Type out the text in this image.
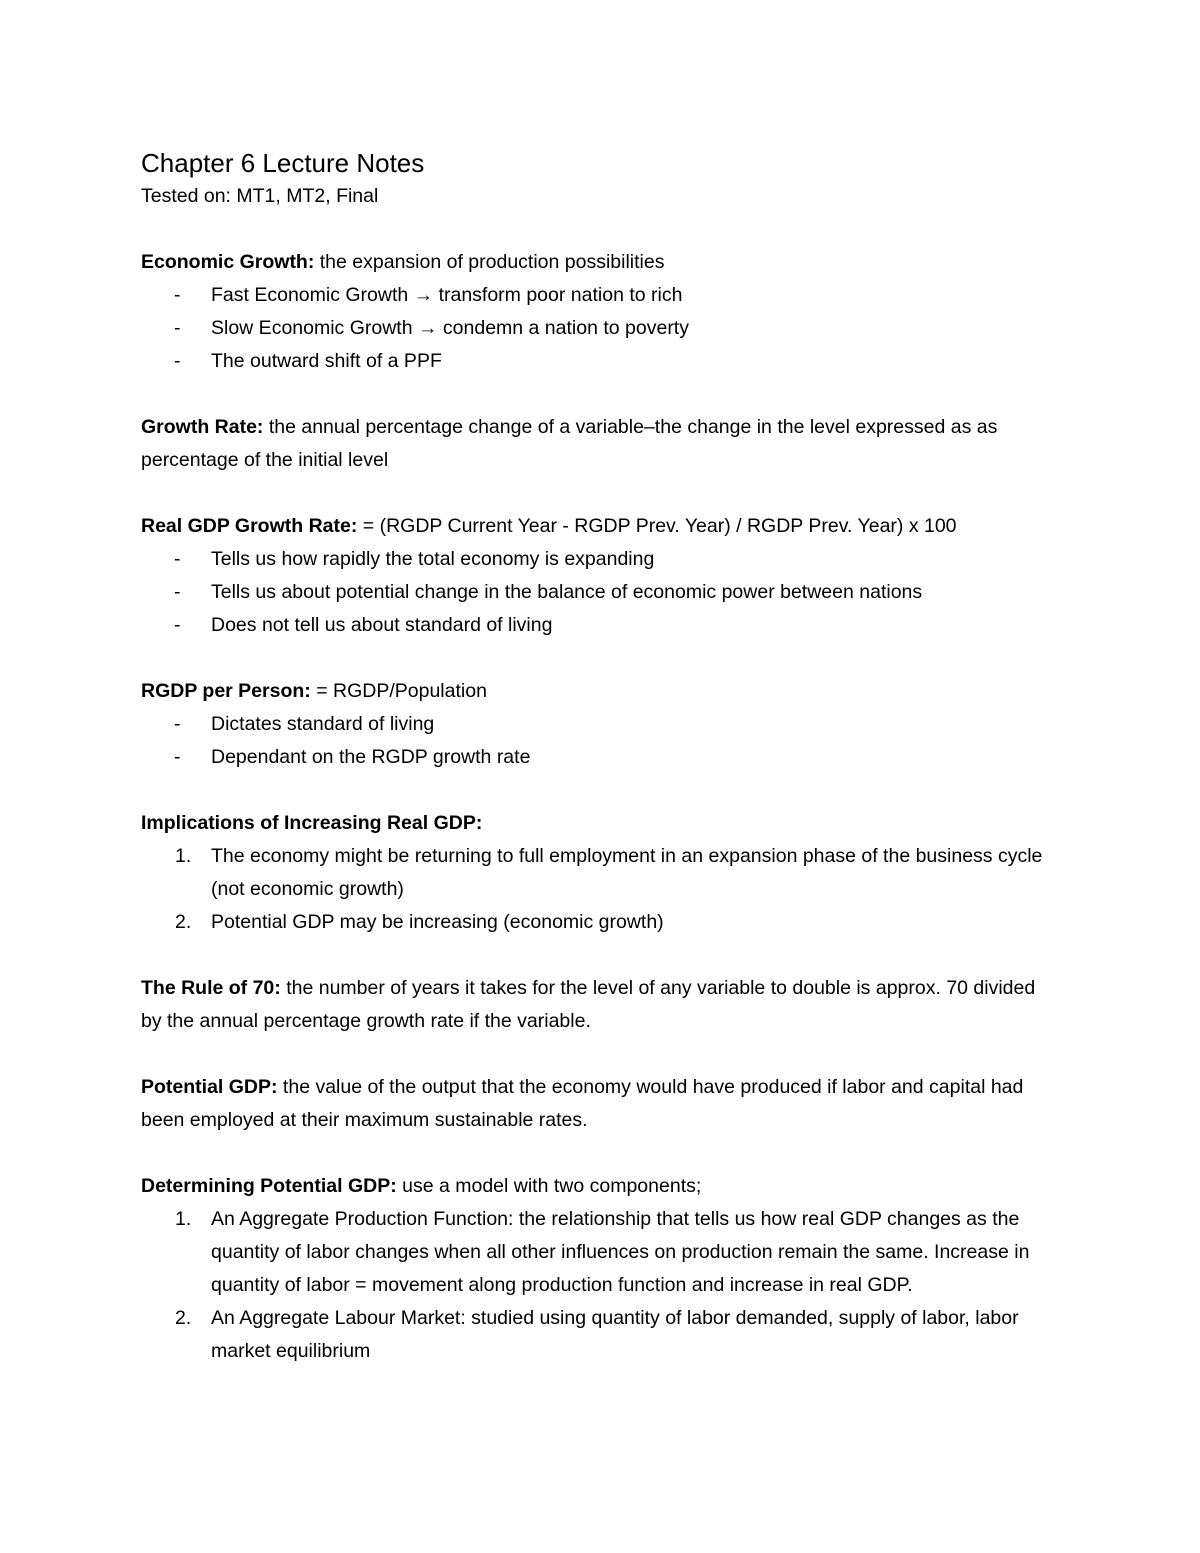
Chapter 6 Lecture Notes

Tested on: MT1, MT2, Final

Economic Growth: the expansion of production possibilities

- Fast Economic Growth → transform poor nation to rich
- Slow Economic Growth → condemn a nation to poverty
- The outward shift of a PPF

Growth Rate: the annual percentage change of a variable–the change in the level expressed as as percentage of the initial level

Real GDP Growth Rate: = (RGDP Current Year - RGDP Prev. Year) / RGDP Prev. Year) x 100

- Tells us how rapidly the total economy is expanding
- Tells us about potential change in the balance of economic power between nations
- Does not tell us about standard of living

RGDP per Person: = RGDP/Population

- Dictates standard of living
- Dependant on the RGDP growth rate

Implications of Increasing Real GDP:

1. The economy might be returning to full employment in an expansion phase of the business cycle (not economic growth)
2. Potential GDP may be increasing (economic growth)

The Rule of 70: the number of years it takes for the level of any variable to double is approx. 70 divided by the annual percentage growth rate if the variable.

Potential GDP: the value of the output that the economy would have produced if labor and capital had been employed at their maximum sustainable rates.

Determining Potential GDP: use a model with two components;

1. An Aggregate Production Function: the relationship that tells us how real GDP changes as the quantity of labor changes when all other influences on production remain the same. Increase in quantity of labor = movement along production function and increase in real GDP.
2. An Aggregate Labour Market: studied using quantity of labor demanded, supply of labor, labor market equilibrium
